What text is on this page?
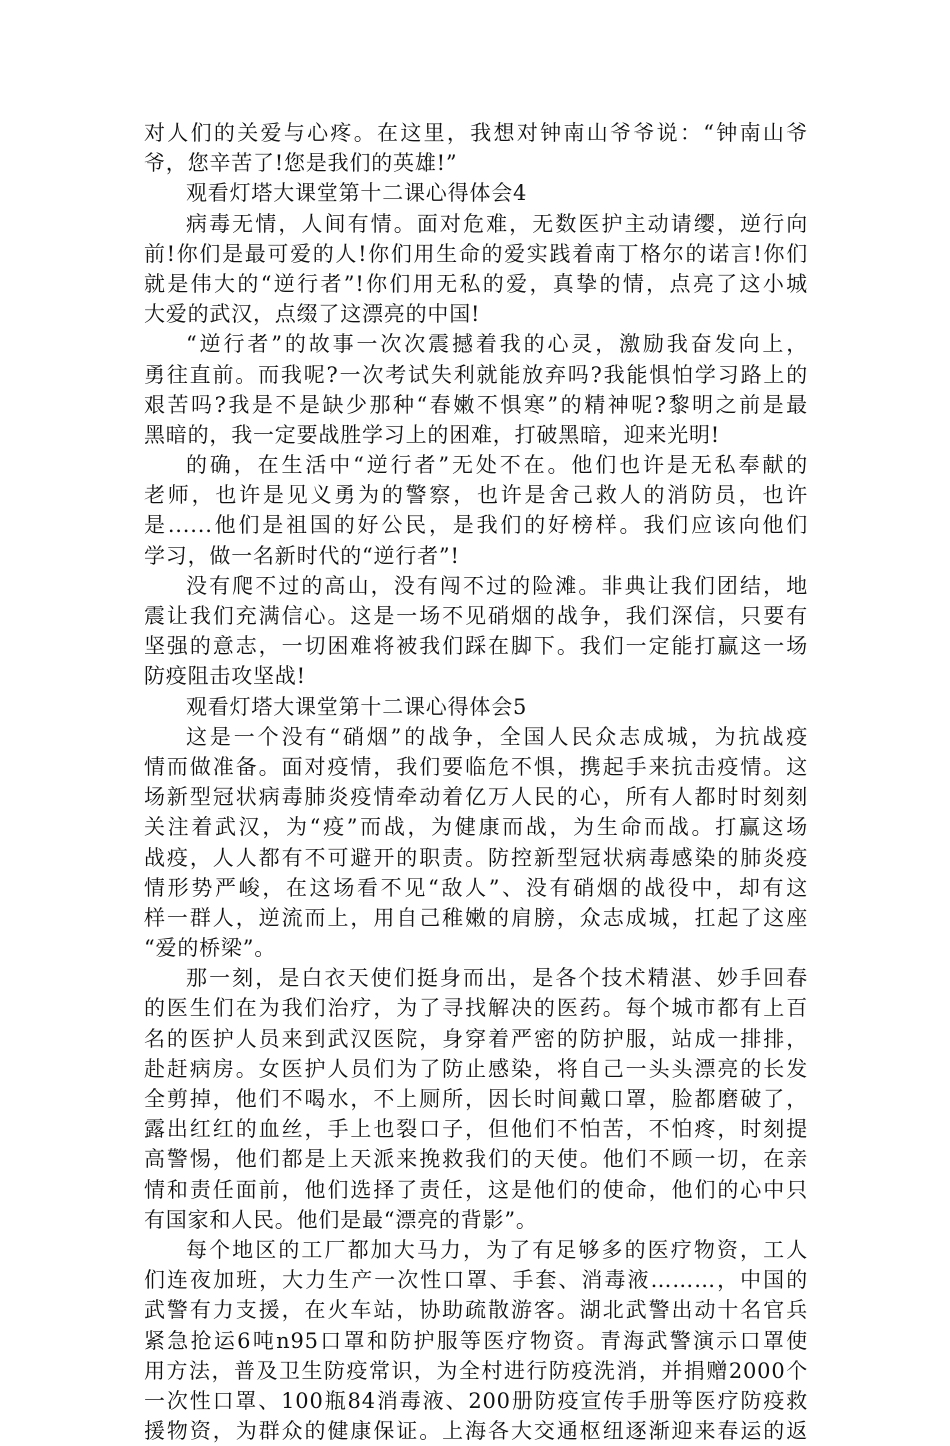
对人们的关爱与心疼。在这里，我想对钟南山爷爷说：“钟南山爷
爷，您辛苦了!您是我们的英雄!”
观看灯塔大课堂第十二课心得体会4
病毒无情，人间有情。面对危难，无数医护主动请缨，逆行向
前!你们是最可爱的人!你们用生命的爱实践着南丁格尔的诺言!你们
就是伟大的“逆行者”!你们用无私的爱，真挚的情，点亮了这小城
大爱的武汉，点缀了这漂亮的中国!
“逆行者”的故事一次次震撼着我的心灵，激励我奋发向上，
勇往直前。而我呢?一次考试失利就能放弃吗?我能惧怕学习路上的
艰苦吗?我是不是缺少那种“春嫩不惧寒”的精神呢?黎明之前是最
黑暗的，我一定要战胜学习上的困难，打破黑暗，迎来光明!
的确，在生活中“逆行者”无处不在。他们也许是无私奉献的
老师，也许是见义勇为的警察，也许是舍己救人的消防员，也许
是......他们是祖国的好公民，是我们的好榜样。我们应该向他们
学习，做一名新时代的“逆行者”!
没有爬不过的高山，没有闯不过的险滩。非典让我们团结，地
震让我们充满信心。这是一场不见硝烟的战争，我们深信，只要有
坚强的意志，一切困难将被我们踩在脚下。我们一定能打赢这一场
防疫阻击攻坚战!
观看灯塔大课堂第十二课心得体会5
这是一个没有“硝烟”的战争，全国人民众志成城，为抗战疫
情而做准备。面对疫情，我们要临危不惧，携起手来抗击疫情。这
场新型冠状病毒肺炎疫情牵动着亿万人民的心，所有人都时时刻刻
关注着武汉，为“疫”而战，为健康而战，为生命而战。打赢这场
战疫，人人都有不可避开的职责。防控新型冠状病毒感染的肺炎疫
情形势严峻，在这场看不见“敌人”、没有硝烟的战役中，却有这
样一群人，逆流而上，用自己稚嫩的肩膀，众志成城，扛起了这座
“爱的桥梁”。
那一刻，是白衣天使们挺身而出，是各个技术精湛、妙手回春
的医生们在为我们治疗，为了寻找解决的医药。每个城市都有上百
名的医护人员来到武汉医院，身穿着严密的防护服，站成一排排，
赴赶病房。女医护人员们为了防止感染，将自己一头头漂亮的长发
全剪掉，他们不喝水，不上厕所，因长时间戴口罩，脸都磨破了，
露出红红的血丝，手上也裂口子，但他们不怕苦，不怕疼，时刻提
高警惕，他们都是上天派来挽救我们的天使。他们不顾一切，在亲
情和责任面前，他们选择了责任，这是他们的使命，他们的心中只
有国家和人民。他们是最“漂亮的背影”。
每个地区的工厂都加大马力，为了有足够多的医疗物资，工人
们连夜加班，大力生产一次性口罩、手套、消毒液………，中国的
武警有力支援，在火车站，协助疏散游客。湖北武警出动十名官兵
紧急抢运6吨n95口罩和防护服等医疗物资。青海武警演示口罩使
用方法，普及卫生防疫常识，为全村进行防疫洗消，并捐赠2000个
一次性口罩、100瓶84消毒液、200册防疫宣传手册等医疗防疫救
援物资，为群众的健康保证。上海各大交通枢纽逐渐迎来春运的返
